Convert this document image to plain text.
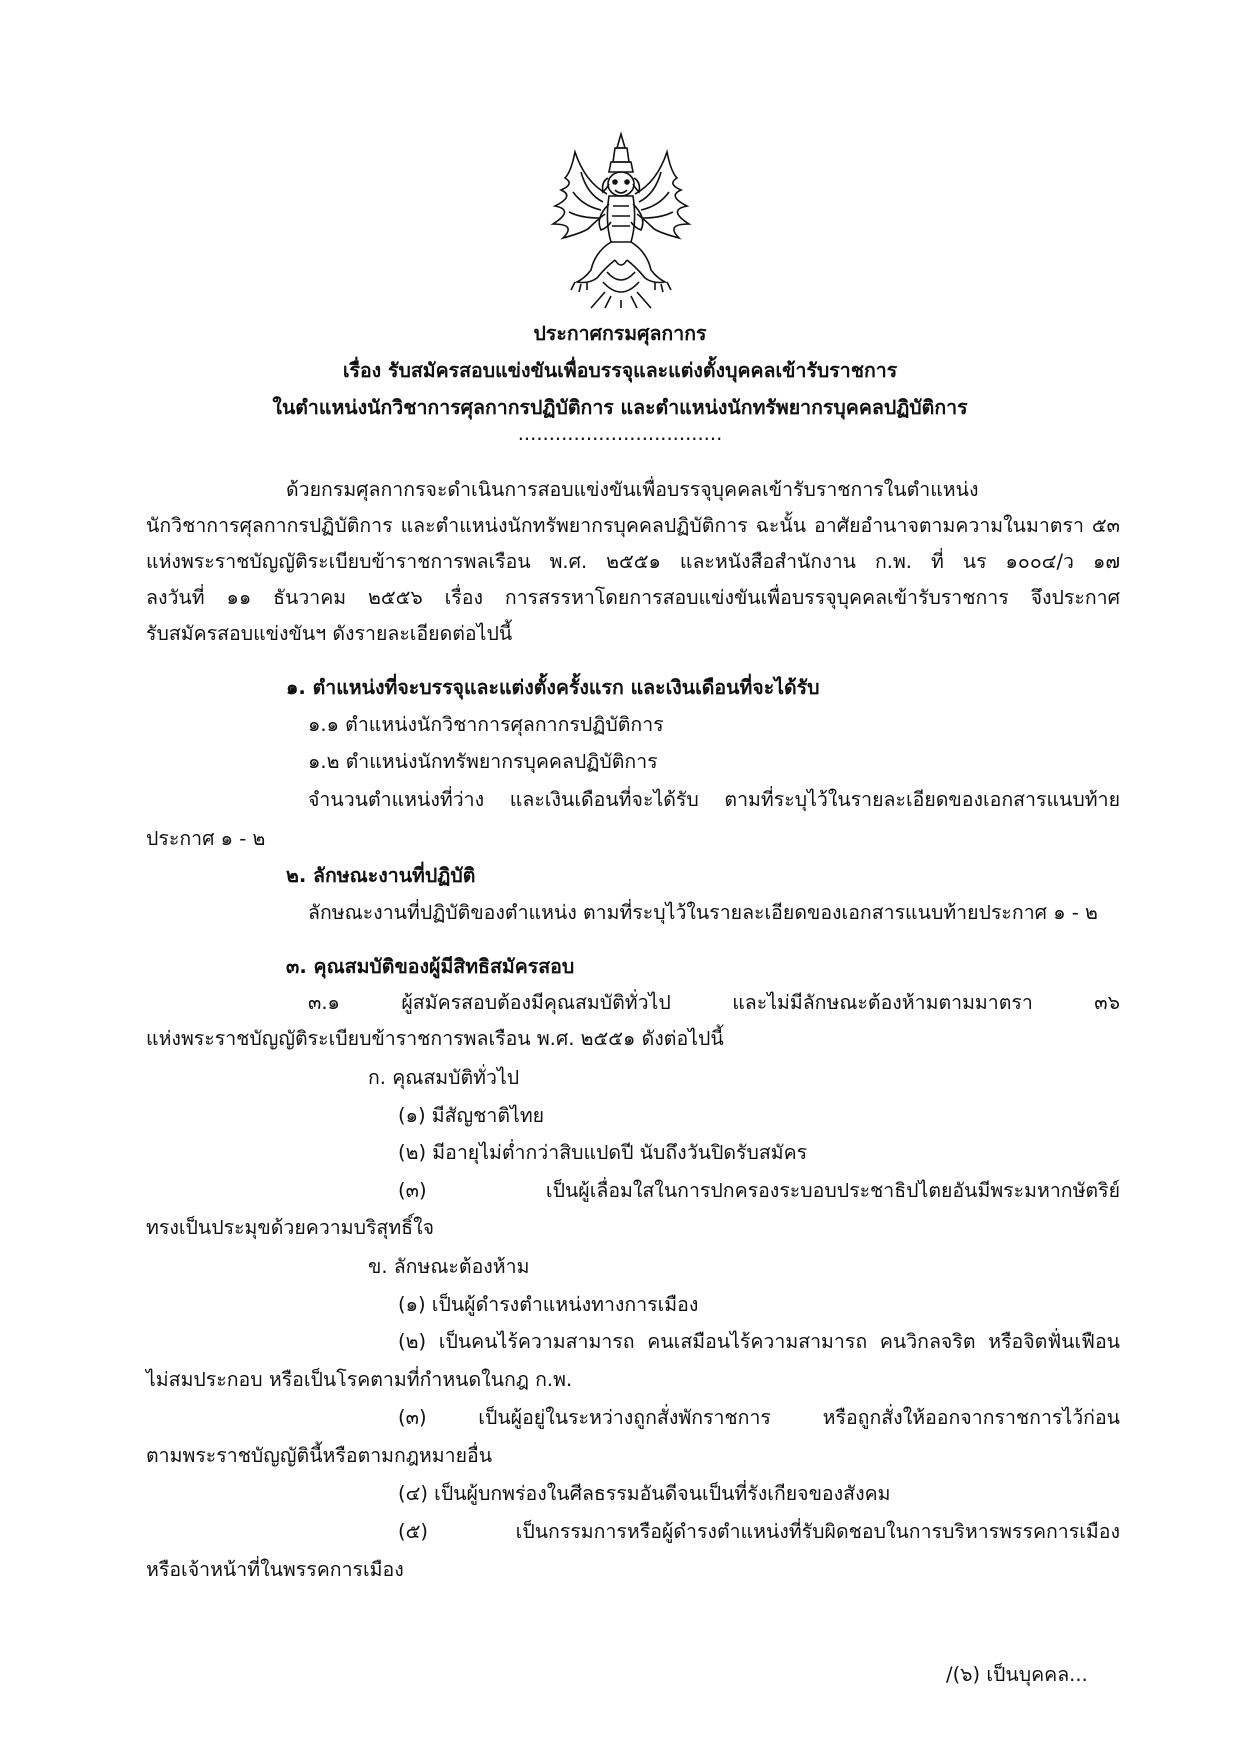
ประกาศกรมศุลกากร
เรื่อง รับสมัครสอบแข่งขันเพื่อบรรจุและแต่งตั้งบุคคลเข้ารับราชการ
ในตำแหน่งนักวิชาการศุลกากรปฏิบัติการ และตำแหน่งนักทรัพยากรบุคคลปฏิบัติการ
.................................
ด้วยกรมศุลกากรจะดำเนินการสอบแข่งขันเพื่อบรรจุบุคคลเข้ารับราชการในตำแหน่ง
นักวิชาการศุลกากรปฏิบัติการ และตำแหน่งนักทรัพยากรบุคคลปฏิบัติการ ฉะนั้น อาศัยอำนาจตามความในมาตรา ๕๓
แห่งพระราชบัญญัติระเบียบข้าราชการพลเรือน พ.ศ. ๒๕๕๑ และหนังสือสำนักงาน ก.พ. ที่ นร ๑๐๐๔/ว ๑๗
ลงวันที่ ๑๑ ธันวาคม ๒๕๕๖ เรื่อง การสรรหาโดยการสอบแข่งขันเพื่อบรรจุบุคคลเข้ารับราชการ จึงประกาศ
รับสมัครสอบแข่งขันฯ ดังรายละเอียดต่อไปนี้
๑. ตำแหน่งที่จะบรรจุและแต่งตั้งครั้งแรก และเงินเดือนที่จะได้รับ
๑.๑ ตำแหน่งนักวิชาการศุลกากรปฏิบัติการ
๑.๒ ตำแหน่งนักทรัพยากรบุคคลปฏิบัติการ
จำนวนตำแหน่งที่ว่าง และเงินเดือนที่จะได้รับ ตามที่ระบุไว้ในรายละเอียดของเอกสารแนบท้าย
ประกาศ ๑ - ๒
๒. ลักษณะงานที่ปฏิบัติ
ลักษณะงานที่ปฏิบัติของตำแหน่ง ตามที่ระบุไว้ในรายละเอียดของเอกสารแนบท้ายประกาศ ๑ - ๒
๓. คุณสมบัติของผู้มีสิทธิสมัครสอบ
๓.๑ ผู้สมัครสอบต้องมีคุณสมบัติทั่วไป และไม่มีลักษณะต้องห้ามตามมาตรา ๓๖
แห่งพระราชบัญญัติระเบียบข้าราชการพลเรือน พ.ศ. ๒๕๕๑ ดังต่อไปนี้
ก. คุณสมบัติทั่วไป
(๑) มีสัญชาติไทย
(๒) มีอายุไม่ต่ำกว่าสิบแปดปี นับถึงวันปิดรับสมัคร
(๓) เป็นผู้เลื่อมใสในการปกครองระบอบประชาธิปไตยอันมีพระมหากษัตริย์
ทรงเป็นประมุขด้วยความบริสุทธิ์ใจ
ข. ลักษณะต้องห้าม
(๑) เป็นผู้ดำรงตำแหน่งทางการเมือง
(๒) เป็นคนไร้ความสามารถ คนเสมือนไร้ความสามารถ คนวิกลจริต หรือจิตฟั่นเฟือน
ไม่สมประกอบ หรือเป็นโรคตามที่กำหนดในกฎ ก.พ.
(๓) เป็นผู้อยู่ในระหว่างถูกสั่งพักราชการ หรือถูกสั่งให้ออกจากราชการไว้ก่อน
ตามพระราชบัญญัตินี้หรือตามกฎหมายอื่น
(๔) เป็นผู้บกพร่องในศีลธรรมอันดีจนเป็นที่รังเกียจของสังคม
(๕) เป็นกรรมการหรือผู้ดำรงตำแหน่งที่รับผิดชอบในการบริหารพรรคการเมือง
หรือเจ้าหน้าที่ในพรรคการเมือง
/(๖) เป็นบุคคล...
